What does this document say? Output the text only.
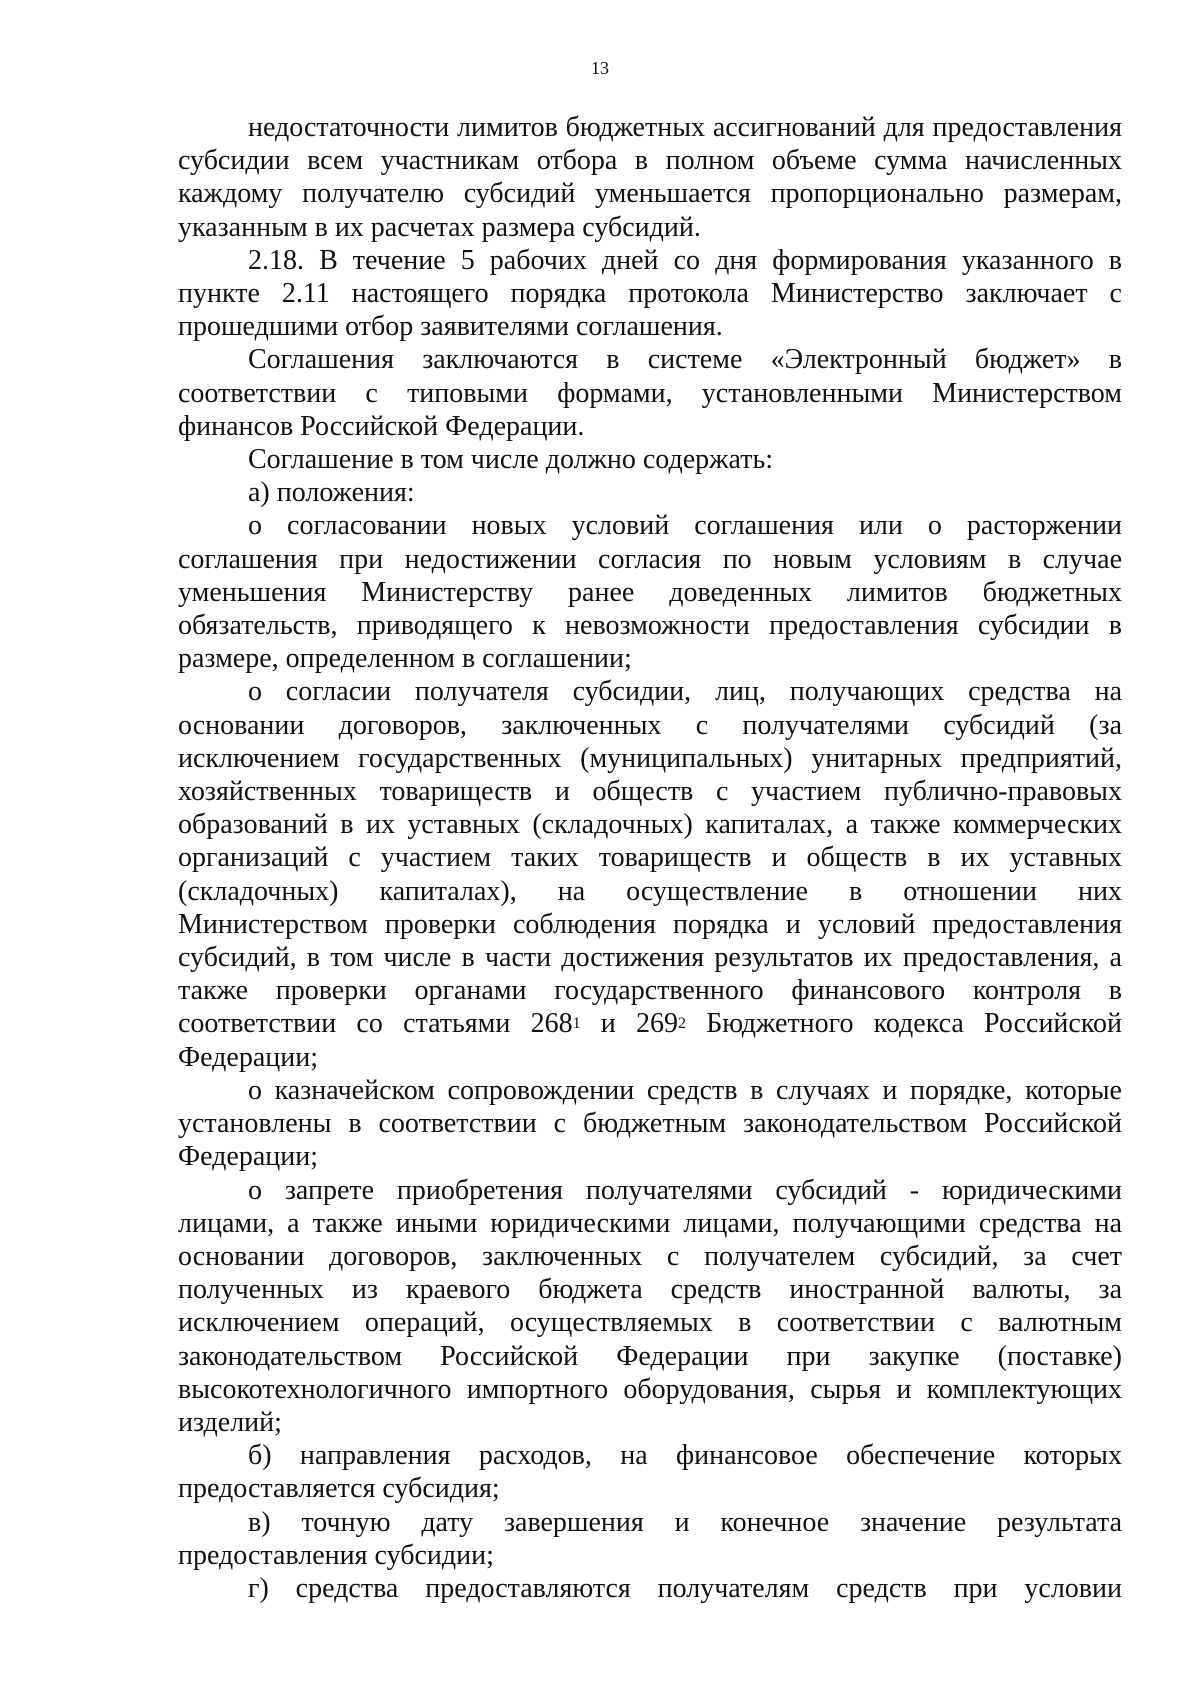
13
недостаточности лимитов бюджетных ассигнований для предоставления
субсидии всем участникам отбора в полном объеме сумма начисленных
каждому получателю субсидий уменьшается пропорционально размерам,
указанным в их расчетах размера субсидий.
2.18. В течение 5 рабочих дней со дня формирования указанного в
пункте 2.11 настоящего порядка протокола Министерство заключает с
прошедшими отбор заявителями соглашения.
Соглашения заключаются в системе «Электронный бюджет» в
соответствии с типовыми формами, установленными Министерством
финансов Российской Федерации.
Соглашение в том числе должно содержать:
а) положения:
о согласовании новых условий соглашения или о расторжении
соглашения при недостижении согласия по новым условиям в случае
уменьшения Министерству ранее доведенных лимитов бюджетных
обязательств, приводящего к невозможности предоставления субсидии в
размере, определенном в соглашении;
о согласии получателя субсидии, лиц, получающих средства на
основании договоров, заключенных с получателями субсидий (за
исключением государственных (муниципальных) унитарных предприятий,
хозяйственных товариществ и обществ с участием публично-правовых
образований в их уставных (складочных) капиталах, а также коммерческих
организаций с участием таких товариществ и обществ в их уставных
(складочных) капиталах), на осуществление в отношении них
Министерством проверки соблюдения порядка и условий предоставления
субсидий, в том числе в части достижения результатов их предоставления, а
также проверки органами государственного финансового контроля в
соответствии со статьями $268^1$ и $269^2$ Бюджетного кодекса Российской
Федерации;
о казначейском сопровождении средств в случаях и порядке, которые
установлены в соответствии с бюджетным законодательством Российской
Федерации;
о запрете приобретения получателями субсидий - юридическими
лицами, а также иными юридическими лицами, получающими средства на
основании договоров, заключенных с получателем субсидий, за счет
полученных из краевого бюджета средств иностранной валюты, за
исключением операций, осуществляемых в соответствии с валютным
законодательством Российской Федерации при закупке (поставке)
высокотехнологичного импортного оборудования, сырья и комплектующих
изделий;
б) направления расходов, на финансовое обеспечение которых
предоставляется субсидия;
в) точную дату завершения и конечное значение результата
предоставления субсидии;
г) средства предоставляются получателям средств при условии
